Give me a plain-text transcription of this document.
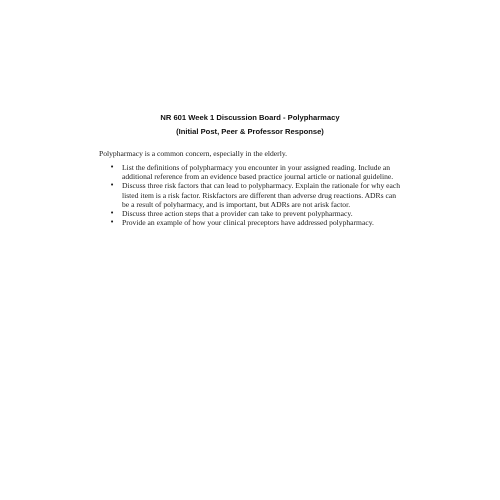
NR 601 Week 1 Discussion Board - Polypharmacy
(Initial Post, Peer & Professor Response)
Polypharmacy is a common concern, especially in the elderly.
• List the definitions of polypharmacy you encounter in your assigned reading. Include an
additional reference from an evidence based practice journal article or national guideline.
• Discuss three risk factors that can lead to polypharmacy. Explain the rationale for why each
listed item is a risk factor. Riskfactors are different than adverse drug reactions. ADRs can
be a result of polyharmacy, and is important, but ADRs are not arisk factor.
• Discuss three action steps that a provider can take to prevent polypharmacy.
• Provide an example of how your clinical preceptors have addressed polypharmacy.
